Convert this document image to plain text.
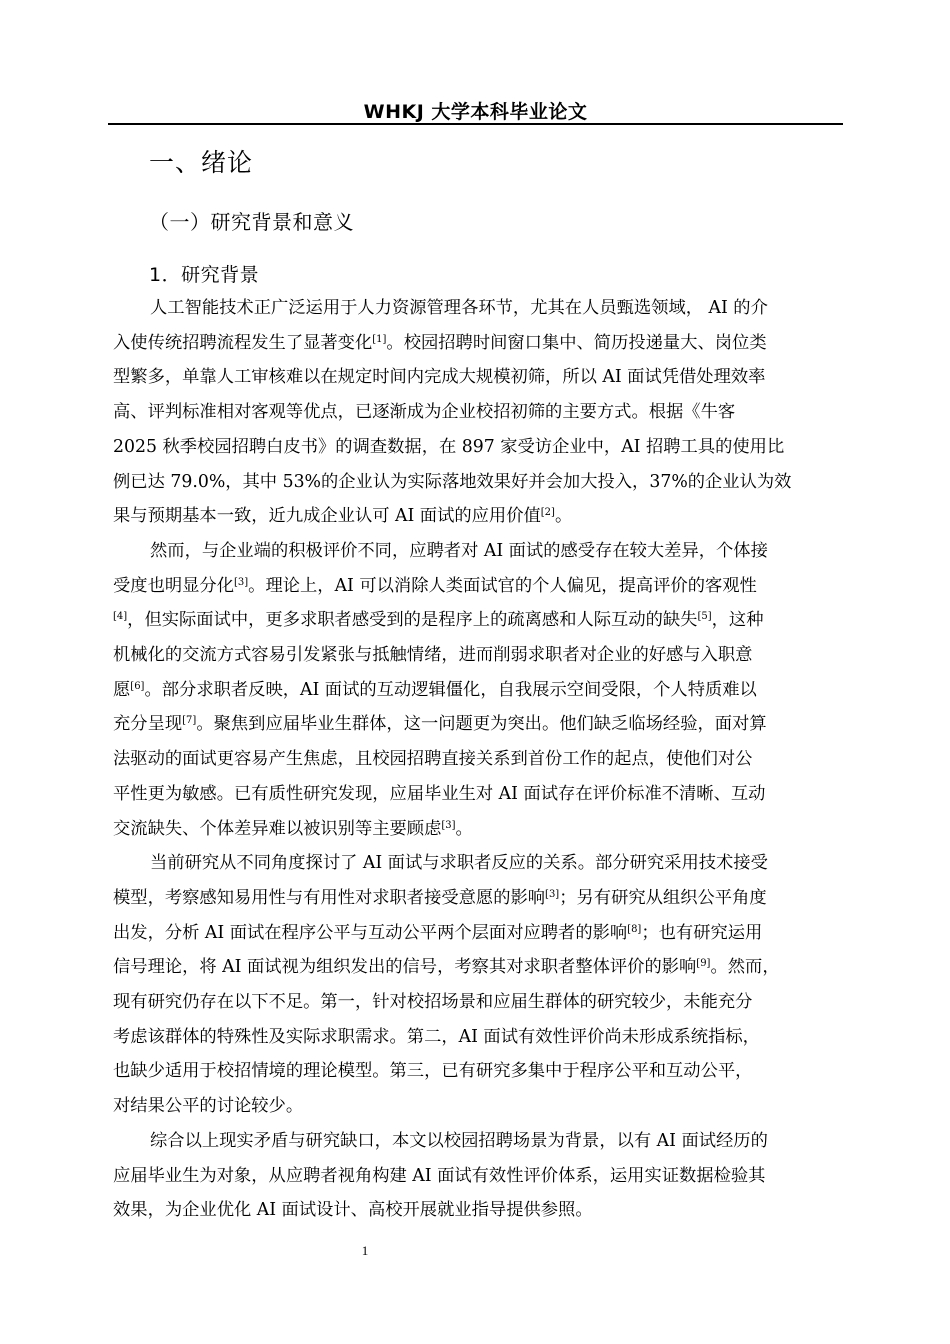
WHKJ 大学本科毕业论文
一、绪论
（一）研究背景和意义
1．研究背景
人工智能技术正广泛运用于人力资源管理各环节，尤其在人员甄选领域， AI 的介
入使传统招聘流程发生了显著变化[1]。校园招聘时间窗口集中、简历投递量大、岗位类
型繁多，单靠人工审核难以在规定时间内完成大规模初筛，所以 AI 面试凭借处理效率
高、评判标准相对客观等优点，已逐渐成为企业校招初筛的主要方式。根据《牛客
2025 秋季校园招聘白皮书》的调查数据，在 897 家受访企业中，AI 招聘工具的使用比
例已达 79.0%，其中 53%的企业认为实际落地效果好并会加大投入，37%的企业认为效
果与预期基本一致，近九成企业认可 AI 面试的应用价值[2]。
然而，与企业端的积极评价不同，应聘者对 AI 面试的感受存在较大差异，个体接
受度也明显分化[3]。理论上，AI 可以消除人类面试官的个人偏见，提高评价的客观性
[4]，但实际面试中，更多求职者感受到的是程序上的疏离感和人际互动的缺失[5]，这种
机械化的交流方式容易引发紧张与抵触情绪，进而削弱求职者对企业的好感与入职意
愿[6]。部分求职者反映，AI 面试的互动逻辑僵化，自我展示空间受限，个人特质难以
充分呈现[7]。聚焦到应届毕业生群体，这一问题更为突出。他们缺乏临场经验，面对算
法驱动的面试更容易产生焦虑，且校园招聘直接关系到首份工作的起点，使他们对公
平性更为敏感。已有质性研究发现，应届毕业生对 AI 面试存在评价标准不清晰、互动
交流缺失、个体差异难以被识别等主要顾虑[3]。
当前研究从不同角度探讨了 AI 面试与求职者反应的关系。部分研究采用技术接受
模型，考察感知易用性与有用性对求职者接受意愿的影响[3]；另有研究从组织公平角度
出发，分析 AI 面试在程序公平与互动公平两个层面对应聘者的影响[8]；也有研究运用
信号理论，将 AI 面试视为组织发出的信号，考察其对求职者整体评价的影响[9]。然而，
现有研究仍存在以下不足。第一，针对校招场景和应届生群体的研究较少，未能充分
考虑该群体的特殊性及实际求职需求。第二，AI 面试有效性评价尚未形成系统指标，
也缺少适用于校招情境的理论模型。第三，已有研究多集中于程序公平和互动公平，
对结果公平的讨论较少。
综合以上现实矛盾与研究缺口，本文以校园招聘场景为背景，以有 AI 面试经历的
应届毕业生为对象，从应聘者视角构建 AI 面试有效性评价体系，运用实证数据检验其
效果，为企业优化 AI 面试设计、高校开展就业指导提供参照。
1
